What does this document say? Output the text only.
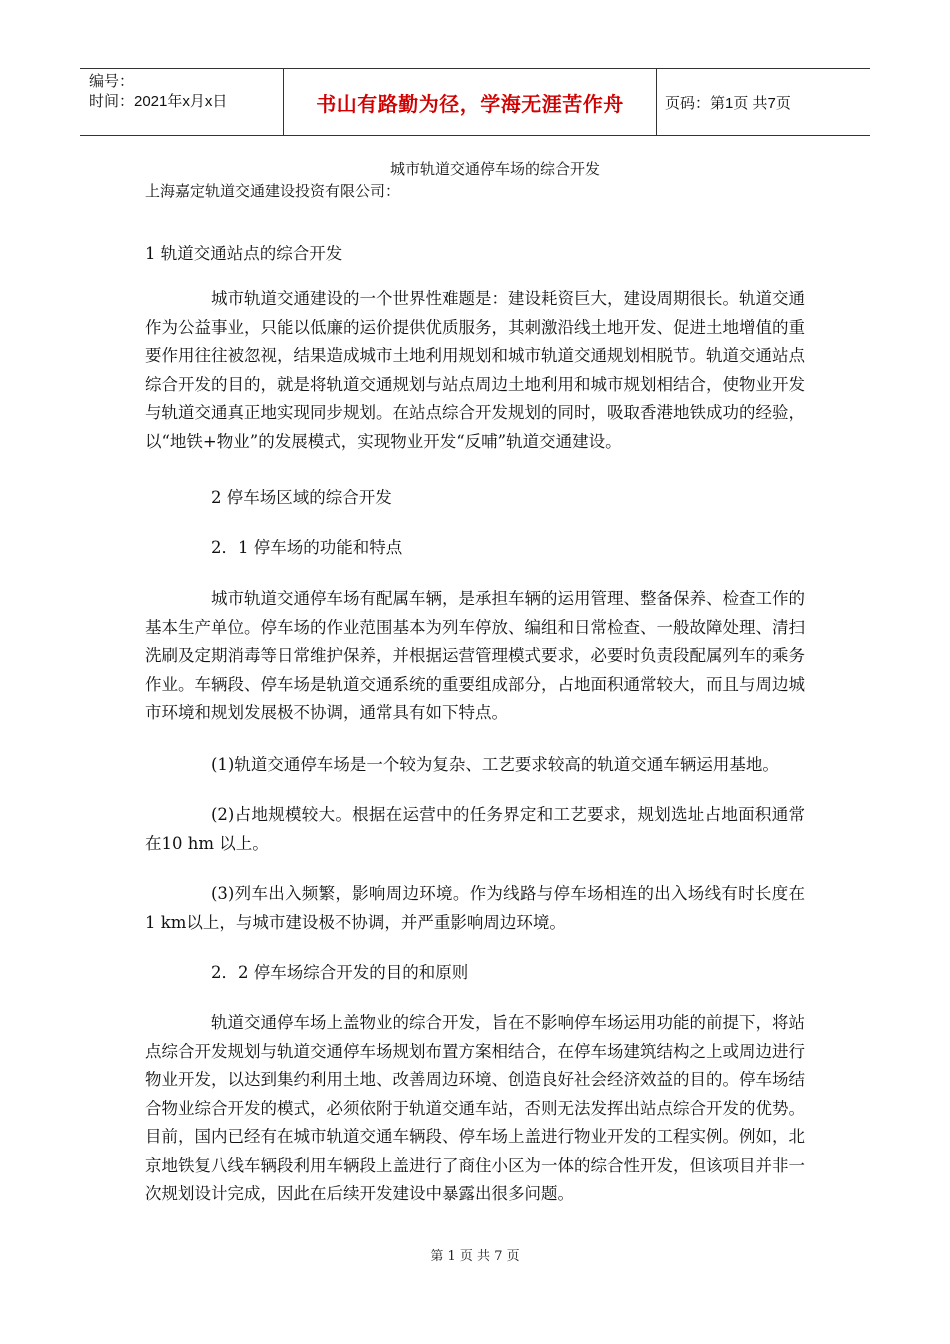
编号：
时间：2021年x月x日	书山有路勤为径，学海无涯苦作舟	页码：第1页 共7页

城市轨道交通停车场的综合开发

上海嘉定轨道交通建设投资有限公司：

1 轨道交通站点的综合开发

城市轨道交通建设的一个世界性难题是：建设耗资巨大，建设周期很长。轨道交通作为公益事业，只能以低廉的运价提供优质服务，其刺激沿线土地开发、促进土地增值的重要作用往往被忽视，结果造成城市土地利用规划和城市轨道交通规划相脱节。轨道交通站点综合开发的目的，就是将轨道交通规划与站点周边土地利用和城市规划相结合，使物业开发与轨道交通真正地实现同步规划。在站点综合开发规划的同时，吸取香港地铁成功的经验，以“地铁+物业”的发展模式，实现物业开发“反哺”轨道交通建设。

2 停车场区域的综合开发

2．1 停车场的功能和特点

城市轨道交通停车场有配属车辆，是承担车辆的运用管理、整备保养、检查工作的基本生产单位。停车场的作业范围基本为列车停放、编组和日常检查、一般故障处理、清扫洗刷及定期消毒等日常维护保养，并根据运营管理模式要求，必要时负责段配属列车的乘务作业。车辆段、停车场是轨道交通系统的重要组成部分，占地面积通常较大，而且与周边城市环境和规划发展极不协调，通常具有如下特点。

(1)轨道交通停车场是一个较为复杂、工艺要求较高的轨道交通车辆运用基地。

(2)占地规模较大。根据在运营中的任务界定和工艺要求，规划选址占地面积通常在10 hm 以上。

(3)列车出入频繁，影响周边环境。作为线路与停车场相连的出入场线有时长度在1 km以上，与城市建设极不协调，并严重影响周边环境。

2．2 停车场综合开发的目的和原则

轨道交通停车场上盖物业的综合开发，旨在不影响停车场运用功能的前提下，将站点综合开发规划与轨道交通停车场规划布置方案相结合，在停车场建筑结构之上或周边进行物业开发，以达到集约利用土地、改善周边环境、创造良好社会经济效益的目的。停车场结合物业综合开发的模式，必须依附于轨道交通车站，否则无法发挥出站点综合开发的优势。目前，国内已经有在城市轨道交通车辆段、停车场上盖进行物业开发的工程实例。例如，北京地铁复八线车辆段利用车辆段上盖进行了商住小区为一体的综合性开发，但该项目并非一次规划设计完成，因此在后续开发建设中暴露出很多问题。

第 1 页 共 7 页
